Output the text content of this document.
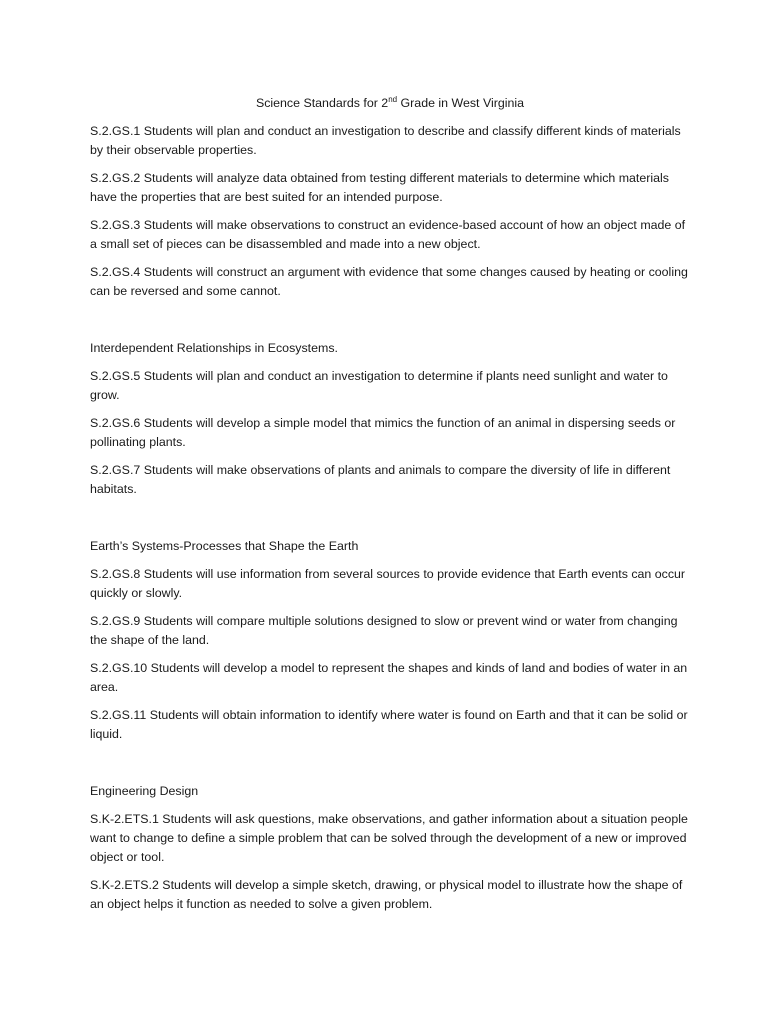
Science Standards for 2nd Grade in West Virginia

S.2.GS.1 Students will plan and conduct an investigation to describe and classify different kinds of materials by their observable properties.

S.2.GS.2 Students will analyze data obtained from testing different materials to determine which materials have the properties that are best suited for an intended purpose.

S.2.GS.3 Students will make observations to construct an evidence-based account of how an object made of a small set of pieces can be disassembled and made into a new object.

S.2.GS.4 Students will construct an argument with evidence that some changes caused by heating or cooling can be reversed and some cannot.

Interdependent Relationships in Ecosystems.

S.2.GS.5 Students will plan and conduct an investigation to determine if plants need sunlight and water to grow.

S.2.GS.6 Students will develop a simple model that mimics the function of an animal in dispersing seeds or pollinating plants.

S.2.GS.7 Students will make observations of plants and animals to compare the diversity of life in different habitats.

Earth’s Systems-Processes that Shape the Earth

S.2.GS.8 Students will use information from several sources to provide evidence that Earth events can occur quickly or slowly.

S.2.GS.9 Students will compare multiple solutions designed to slow or prevent wind or water from changing the shape of the land.

S.2.GS.10 Students will develop a model to represent the shapes and kinds of land and bodies of water in an area.

S.2.GS.11 Students will obtain information to identify where water is found on Earth and that it can be solid or liquid.

Engineering Design

S.K-2.ETS.1 Students will ask questions, make observations, and gather information about a situation people want to change to define a simple problem that can be solved through the development of a new or improved object or tool.

S.K-2.ETS.2 Students will develop a simple sketch, drawing, or physical model to illustrate how the shape of an object helps it function as needed to solve a given problem.
